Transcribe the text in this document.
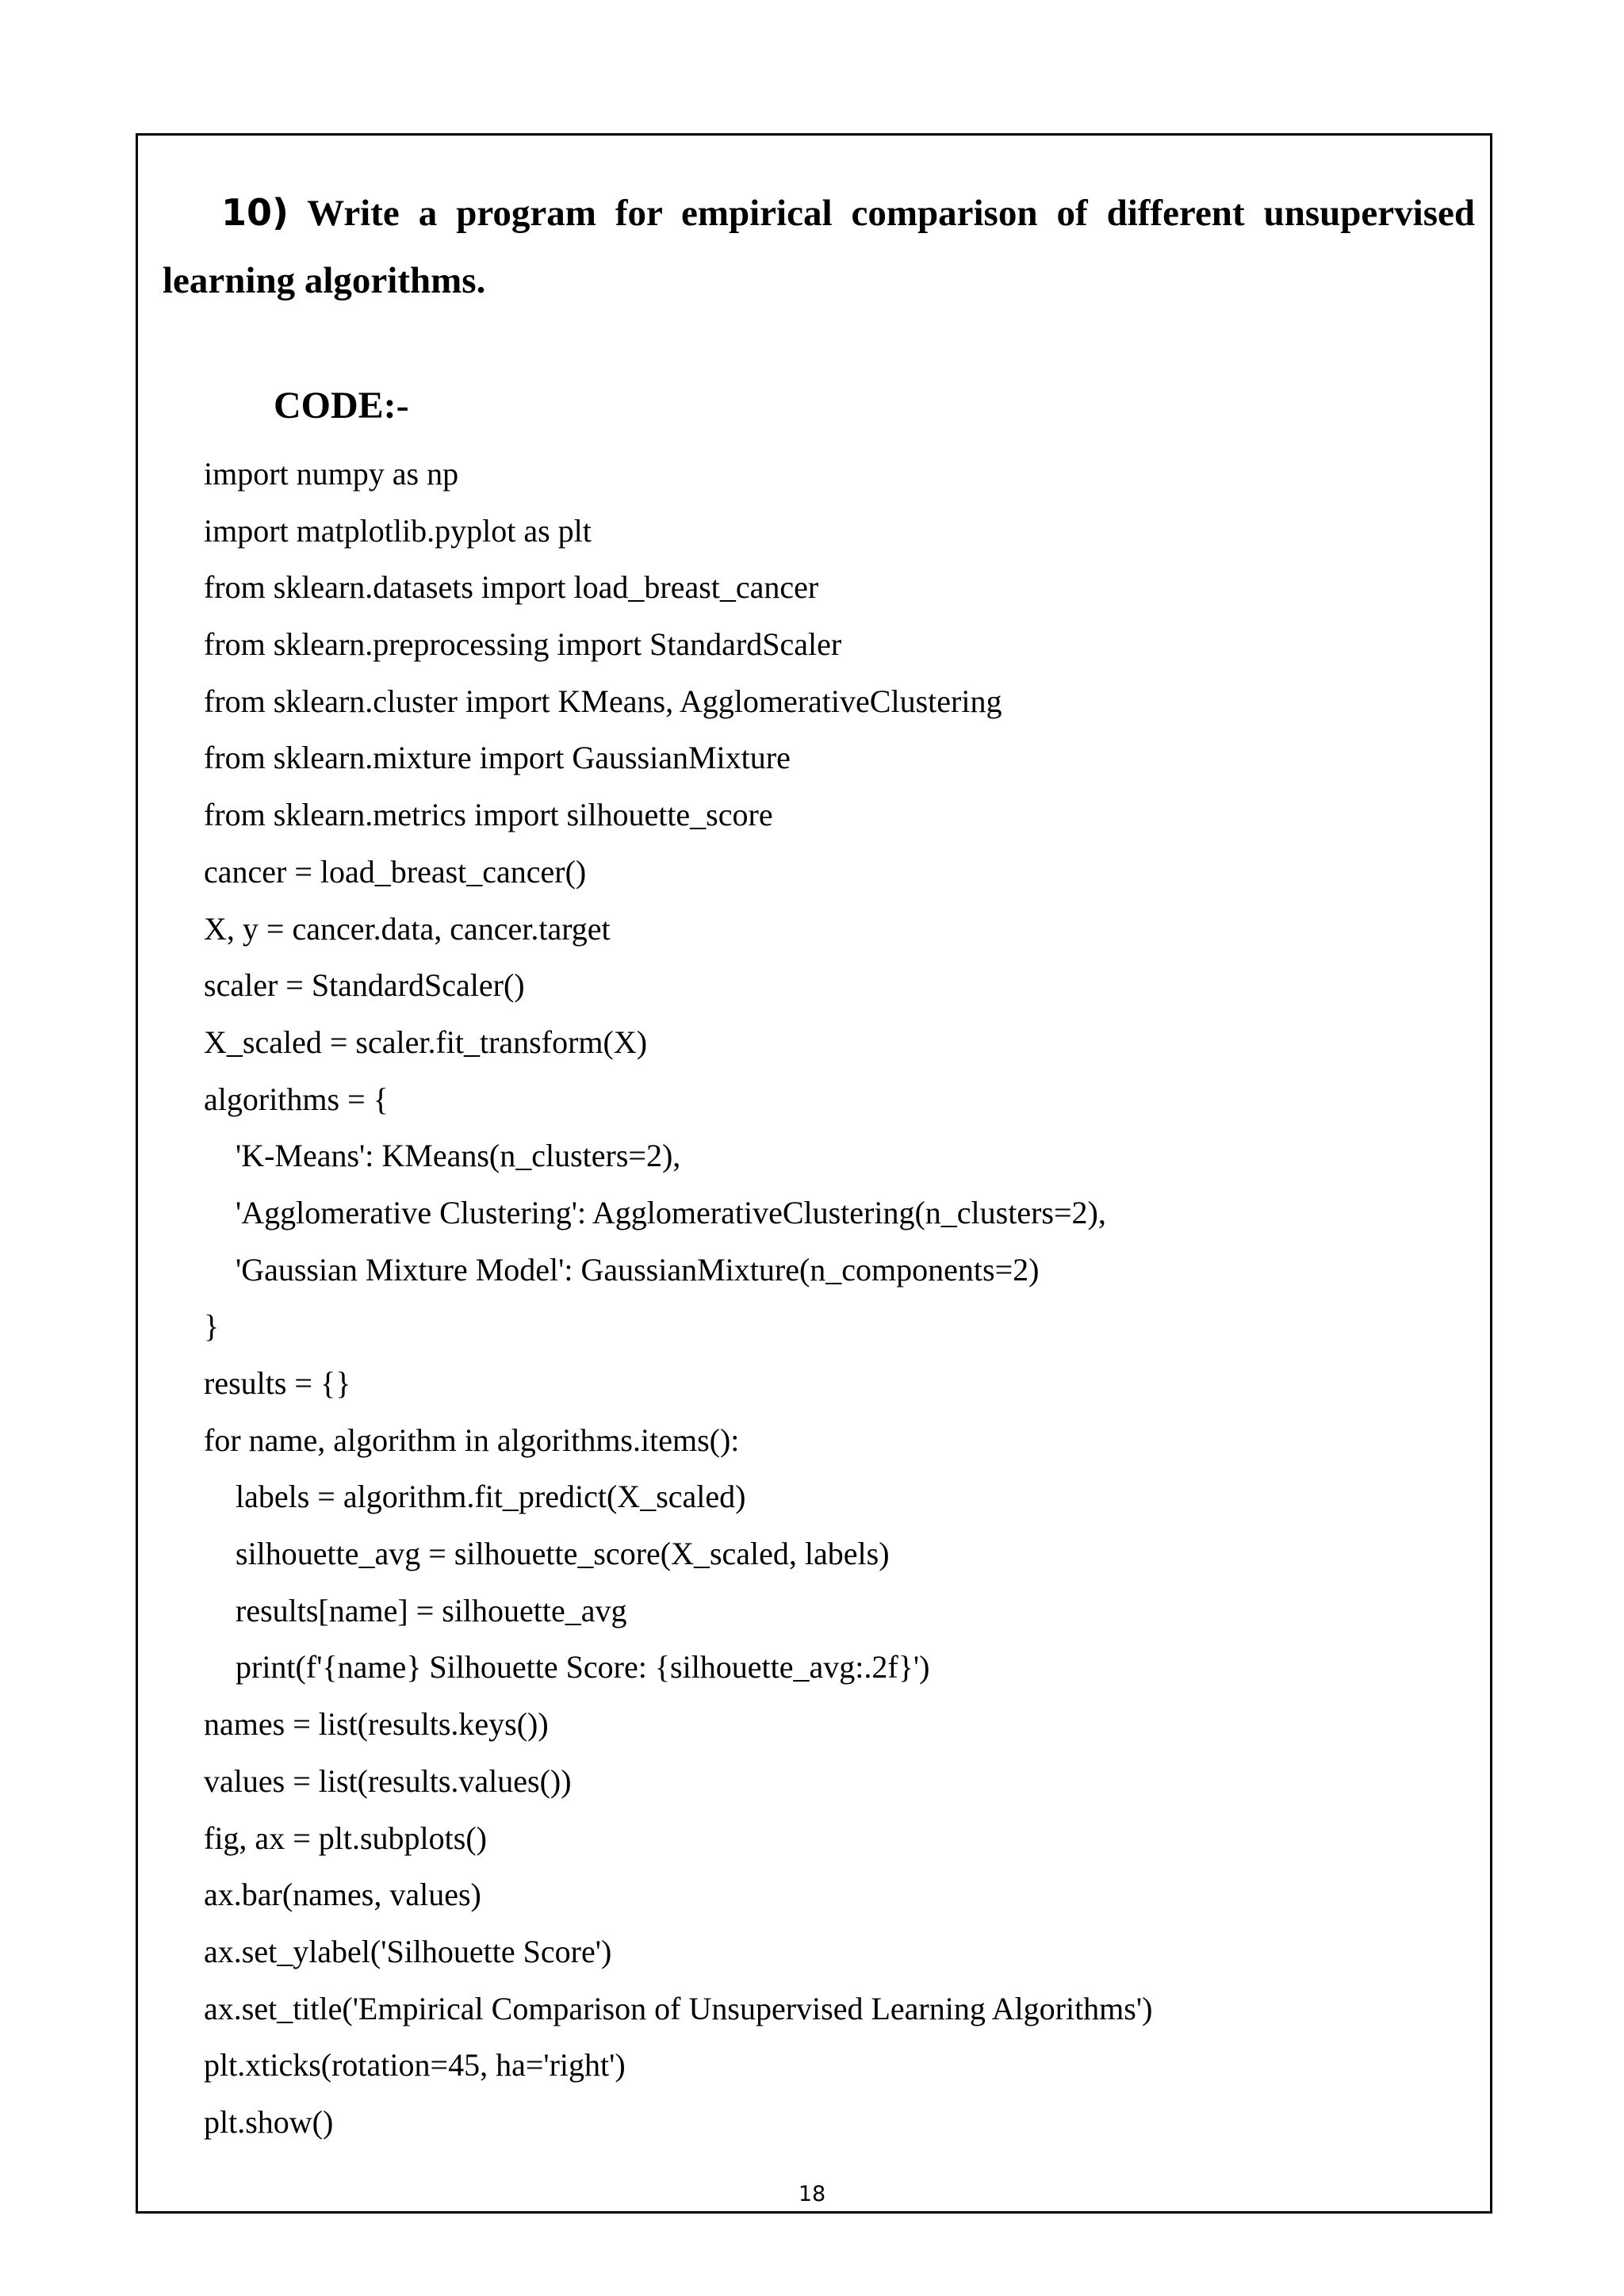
10) Write a program for empirical comparison of different unsupervised learning algorithms.
CODE:-
import numpy as np
import matplotlib.pyplot as plt
from sklearn.datasets import load_breast_cancer
from sklearn.preprocessing import StandardScaler
from sklearn.cluster import KMeans, AgglomerativeClustering
from sklearn.mixture import GaussianMixture
from sklearn.metrics import silhouette_score
cancer = load_breast_cancer()
X, y = cancer.data, cancer.target
scaler = StandardScaler()
X_scaled = scaler.fit_transform(X)
algorithms = {
'K-Means': KMeans(n_clusters=2),
'Agglomerative Clustering': AgglomerativeClustering(n_clusters=2),
'Gaussian Mixture Model': GaussianMixture(n_components=2)
}
results = {}
for name, algorithm in algorithms.items():
labels = algorithm.fit_predict(X_scaled)
silhouette_avg = silhouette_score(X_scaled, labels)
results[name] = silhouette_avg
print(f'{name} Silhouette Score: {silhouette_avg:.2f}')
names = list(results.keys())
values = list(results.values())
fig, ax = plt.subplots()
ax.bar(names, values)
ax.set_ylabel('Silhouette Score')
ax.set_title('Empirical Comparison of Unsupervised Learning Algorithms')
plt.xticks(rotation=45, ha='right')
plt.show()
18
